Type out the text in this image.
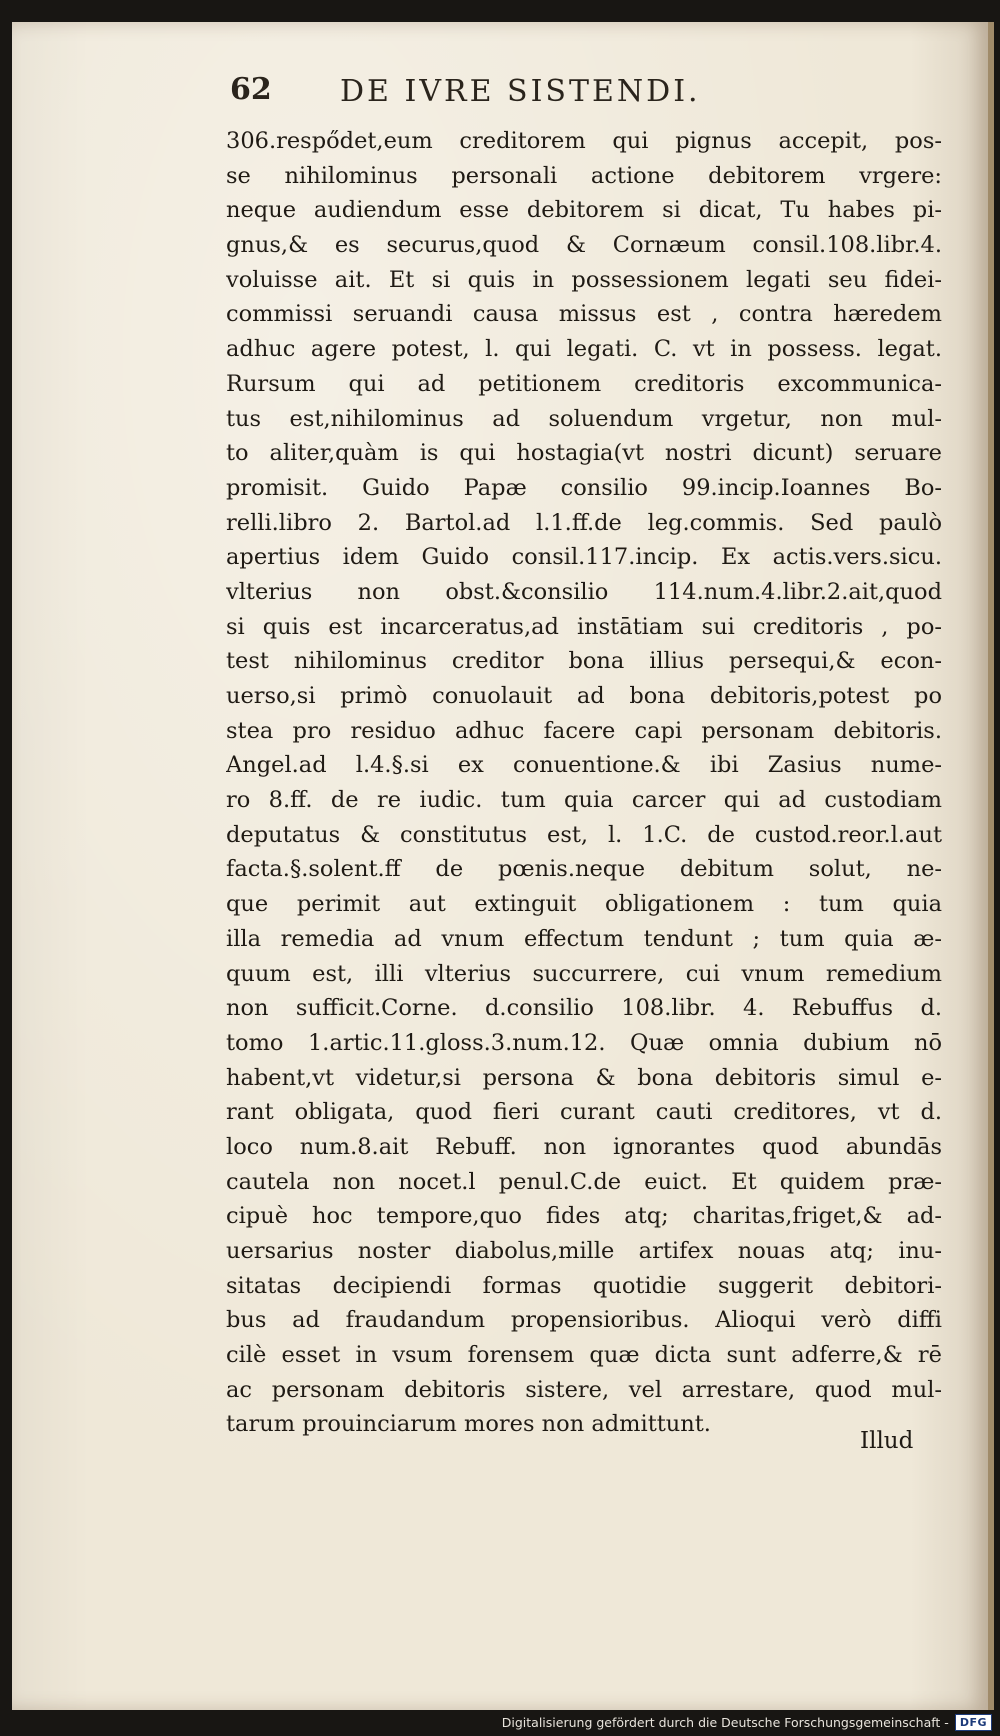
62 DE IVRE SISTENDI.
306.respődet,eum creditorem qui pignus accepit, pos-
se nihilominus personali actione debitorem vrgere:
neque audiendum esse debitorem si dicat, Tu habes pi-
gnus,& es securus,quod & Cornæum consil.108.libr.4.
voluisse ait. Et si quis in possessionem legati seu fidei-
commissi seruandi causa missus est , contra hæredem
adhuc agere potest, l. qui legati. C. vt in possess. legat.
Rursum qui ad petitionem creditoris excommunica-
tus est,nihilominus ad soluendum vrgetur, non mul-
to aliter,quàm is qui hostagia(vt nostri dicunt) seruare
promisit. Guido Papæ consilio 99.incip.Ioannes Bo-
relli.libro 2. Bartol.ad l.1.ff.de leg.commis. Sed paulò
apertius idem Guido consil.117.incip. Ex actis.vers.sicu.
vlterius non obst.&consilio 114.num.4.libr.2.ait,quod
si quis est incarceratus,ad instātiam sui creditoris , po-
test nihilominus creditor bona illius persequi,& econ-
uerso,si primò conuolauit ad bona debitoris,potest po
stea pro residuo adhuc facere capi personam debitoris.
Angel.ad l.4.§.si ex conuentione.& ibi Zasius nume-
ro 8.ff. de re iudic. tum quia carcer qui ad custodiam
deputatus & constitutus est, l. 1.C. de custod.reor.l.aut
facta.§.solent.ff de pœnis.neque debitum solut, ne-
que perimit aut extinguit obligationem : tum quia
illa remedia ad vnum effectum tendunt ; tum quia æ-
quum est, illi vlterius succurrere, cui vnum remedium
non sufficit.Corne. d.consilio 108.libr. 4. Rebuffus d.
tomo 1.artic.11.gloss.3.num.12. Quæ omnia dubium nō
habent,vt videtur,si persona & bona debitoris simul e-
rant obligata, quod fieri curant cauti creditores, vt d.
loco num.8.ait Rebuff. non ignorantes quod abundās
cautela non nocet.l penul.C.de euict. Et quidem præ-
cipuè hoc tempore,quo fides atq; charitas,friget,& ad-
uersarius noster diabolus,mille artifex nouas atq; inu-
sitatas decipiendi formas quotidie suggerit debitori-
bus ad fraudandum propensioribus. Alioqui verò diffi
cilè esset in vsum forensem quæ dicta sunt adferre,& rē
ac personam debitoris sistere, vel arrestare, quod mul-
tarum prouinciarum mores non admittunt.
Illud
Digitalisierung gefördert durch die Deutsche Forschungsgemeinschaft -	DFG
